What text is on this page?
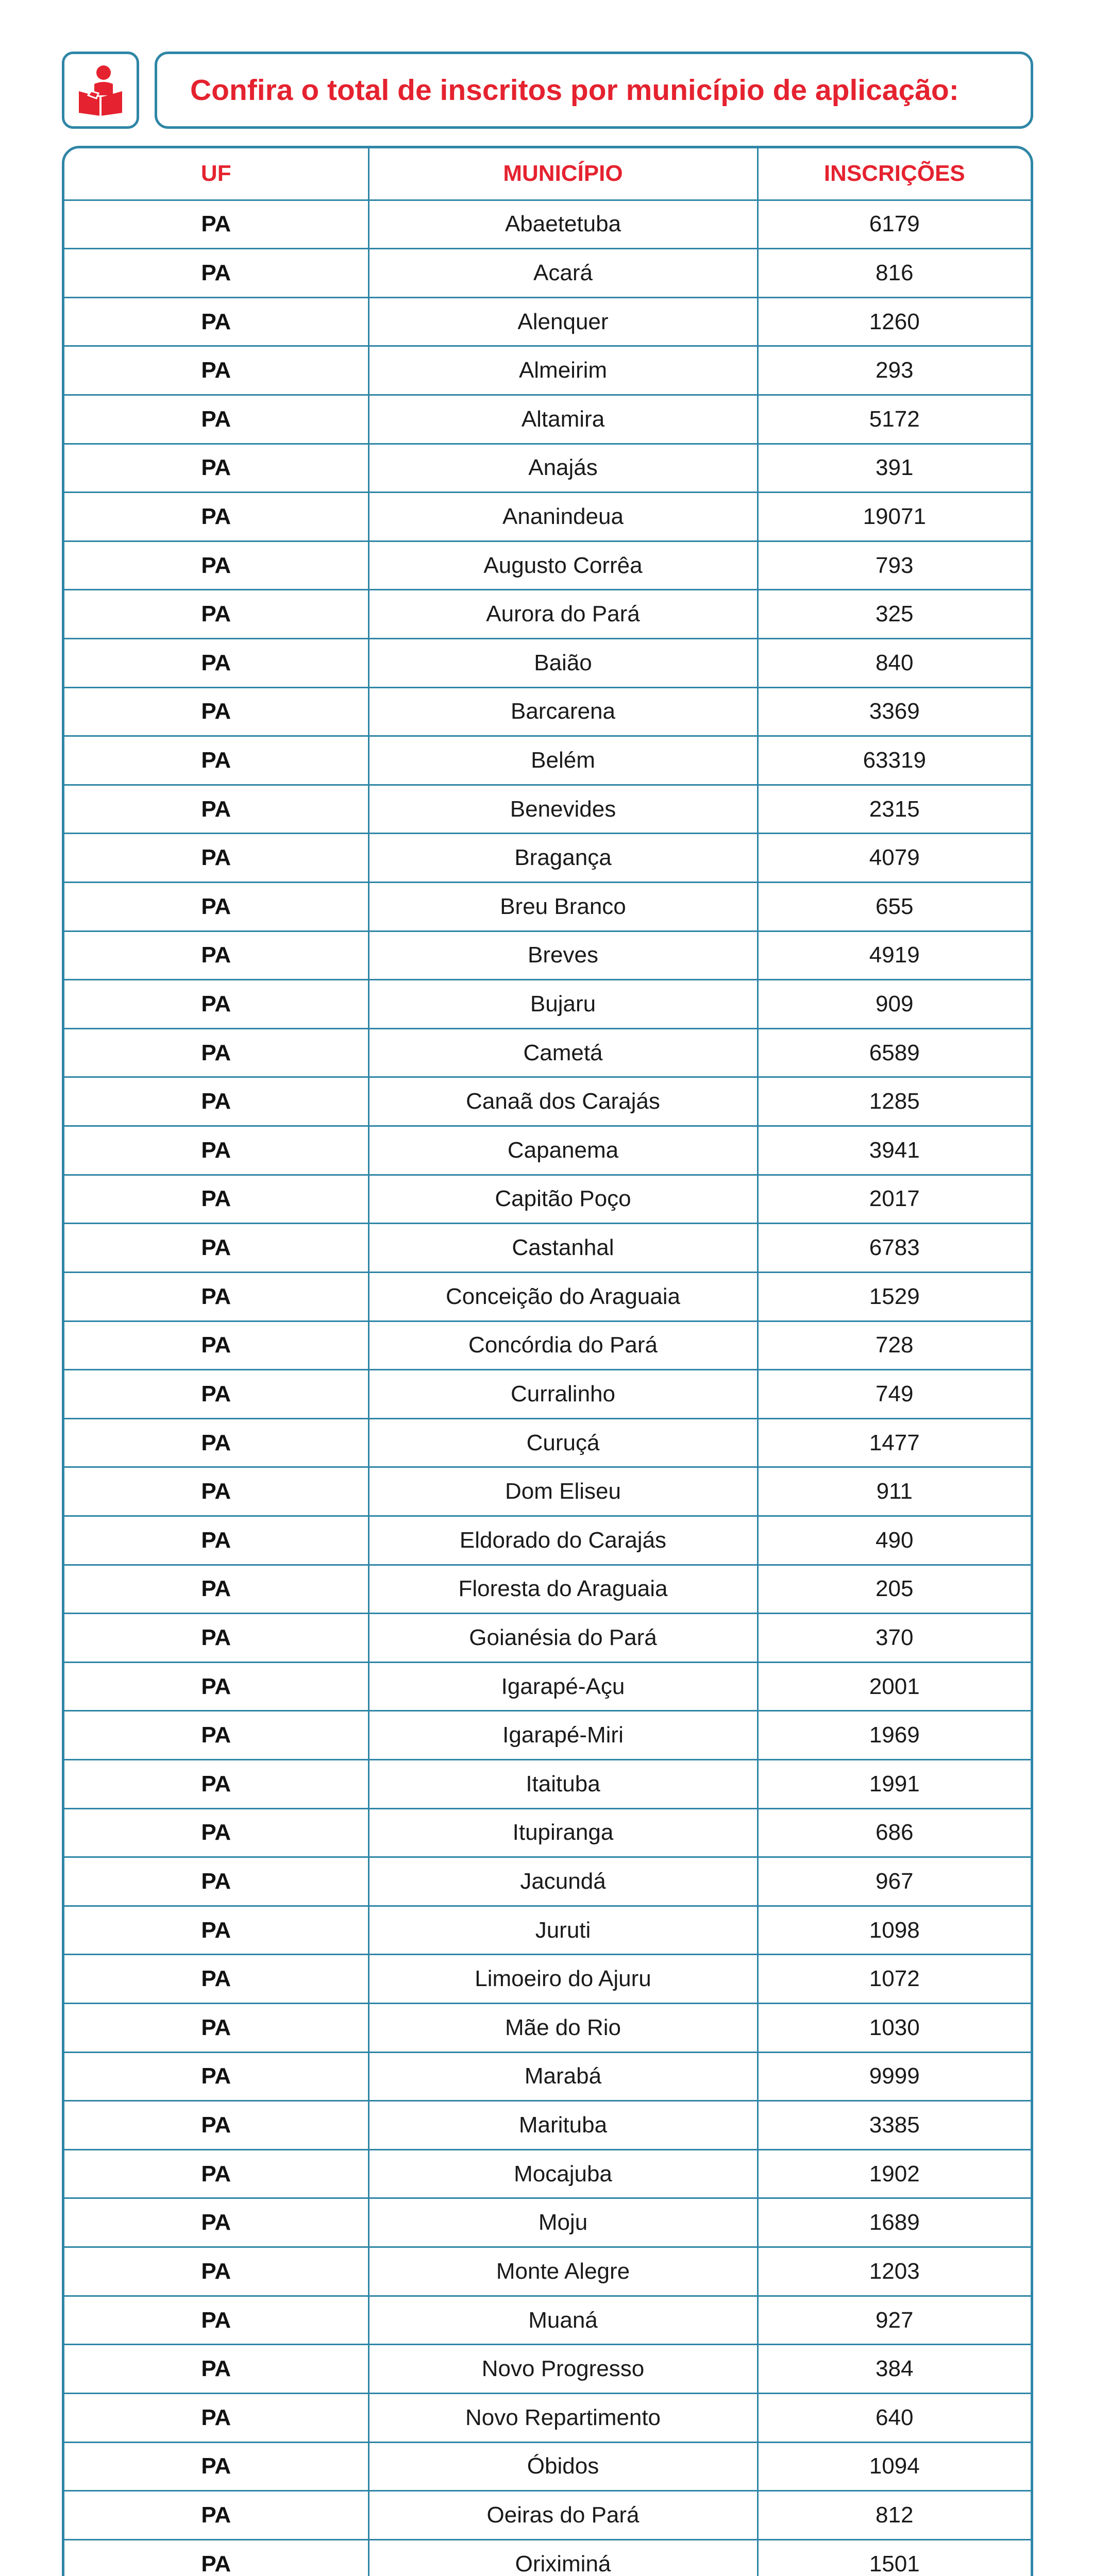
Confira o total de inscritos por município de aplicação:
UF	MUNICÍPIO	INSCRIÇÕES
PA	Abaetetuba	6179
PA	Acará	816
PA	Alenquer	1260
PA	Almeirim	293
PA	Altamira	5172
PA	Anajás	391
PA	Ananindeua	19071
PA	Augusto Corrêa	793
PA	Aurora do Pará	325
PA	Baião	840
PA	Barcarena	3369
PA	Belém	63319
PA	Benevides	2315
PA	Bragança	4079
PA	Breu Branco	655
PA	Breves	4919
PA	Bujaru	909
PA	Cametá	6589
PA	Canaã dos Carajás	1285
PA	Capanema	3941
PA	Capitão Poço	2017
PA	Castanhal	6783
PA	Conceição do Araguaia	1529
PA	Concórdia do Pará	728
PA	Curralinho	749
PA	Curuçá	1477
PA	Dom Eliseu	911
PA	Eldorado do Carajás	490
PA	Floresta do Araguaia	205
PA	Goianésia do Pará	370
PA	Igarapé-Açu	2001
PA	Igarapé-Miri	1969
PA	Itaituba	1991
PA	Itupiranga	686
PA	Jacundá	967
PA	Juruti	1098
PA	Limoeiro do Ajuru	1072
PA	Mãe do Rio	1030
PA	Marabá	9999
PA	Marituba	3385
PA	Mocajuba	1902
PA	Moju	1689
PA	Monte Alegre	1203
PA	Muaná	927
PA	Novo Progresso	384
PA	Novo Repartimento	640
PA	Óbidos	1094
PA	Oeiras do Pará	812
PA	Oriximiná	1501
